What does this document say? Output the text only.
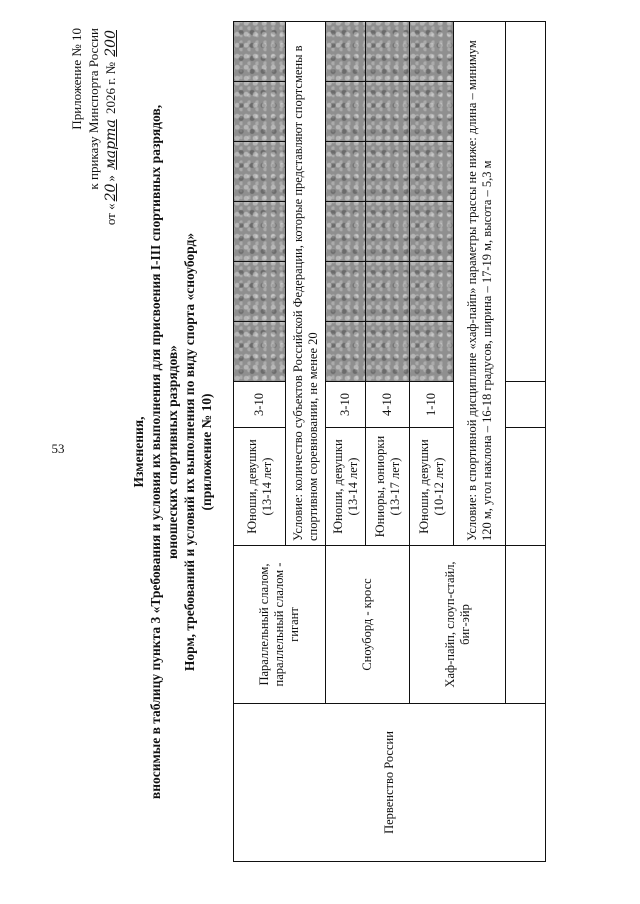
53
Приложение № 10 к приказу Минспорта России
от «20» марта 2026 г. № 200
Изменения, вносимые в таблицу пункта 3 «Требования и условия их выполнения для присвоения I-III спортивных разрядов, юношеских спортивных разрядов» Норм, требований и условий их выполнения по виду спорта «сноуборд» (приложение № 10)
Первенство России	Параллельный слалом, параллельный слалом - гигант	Юноши, девушки (13-14 лет)	3-10						
		Условие: количество субъектов Российской Федерации, которые представляют спортсмены в спортивном соревновании, не менее 20							
	Сноуборд - кросс	Юноши, девушки (13-14 лет)	3-10						
		Юниоры, юниорки (13-17 лет)	4-10						
	Хаф-пайп, слоуп-стайл, биг-эйр	Юноши, девушки (10-12 лет)	1-10						
		Условие: в спортивной дисциплине «хаф-пайп» параметры трассы не ниже: длина – минимум 120 м, угол наклона – 16-18 градусов, ширина – 17-19 м, высота – 5,3 м							
